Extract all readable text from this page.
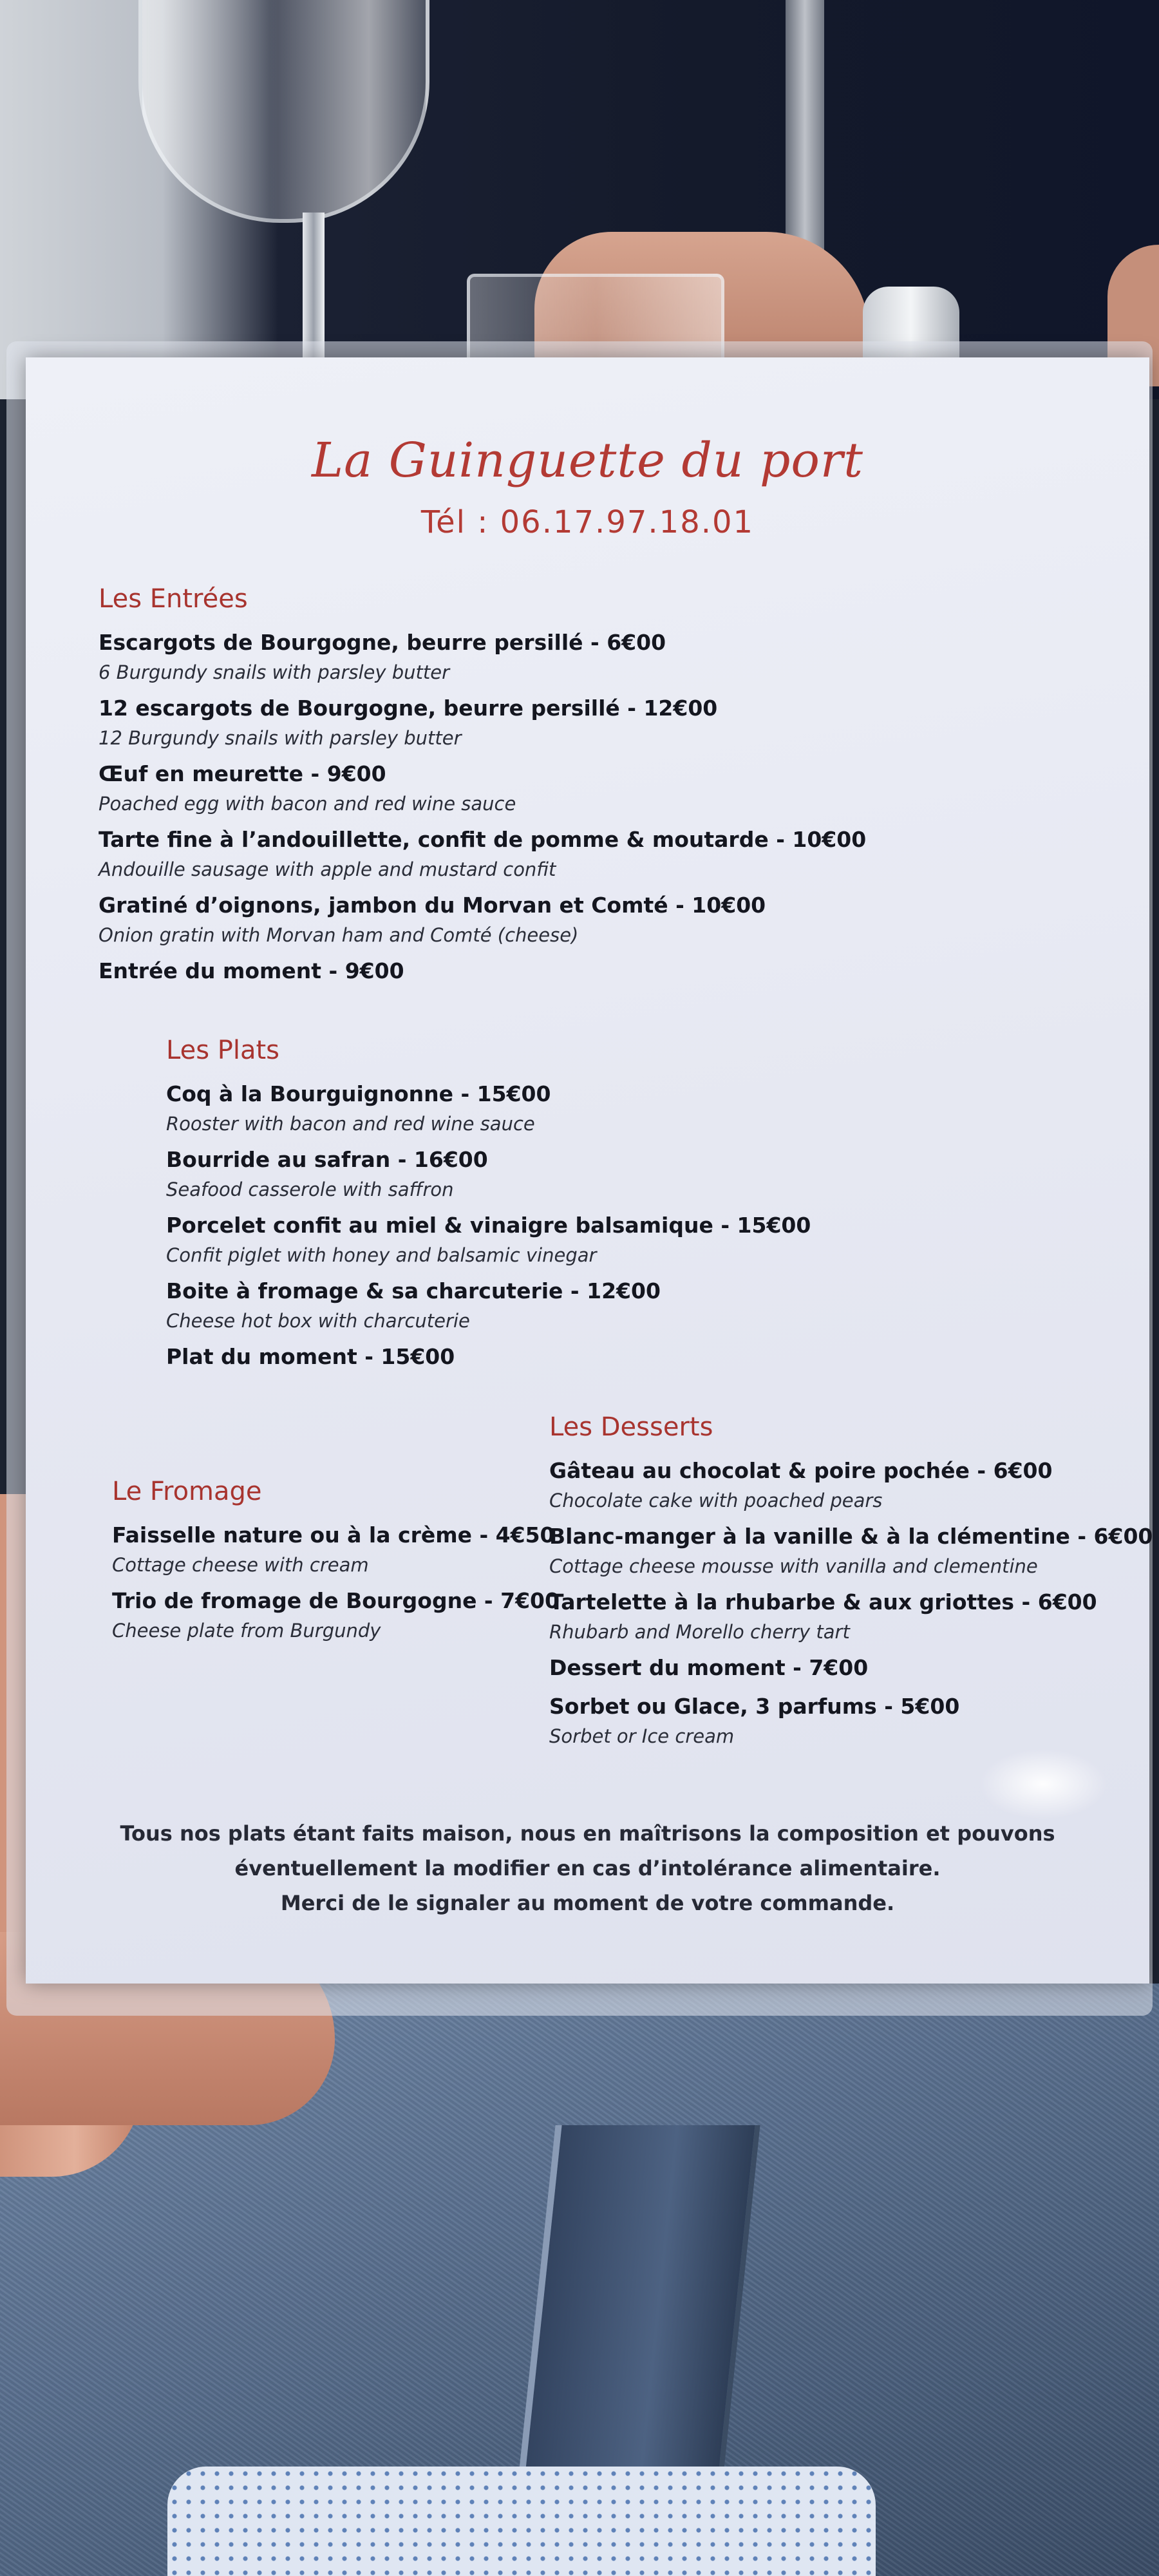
La Guinguette du port
Tél : 06.17.97.18.01
Les Entrées
Escargots de Bourgogne, beurre persillé - 6€00
6 Burgundy snails with parsley butter
12 escargots de Bourgogne, beurre persillé - 12€00
12 Burgundy snails with parsley butter
Œuf en meurette - 9€00
Poached egg with bacon and red wine sauce
Tarte fine à l’andouillette, confit de pomme & moutarde - 10€00
Andouille sausage with apple and mustard confit
Gratiné d’oignons, jambon du Morvan et Comté - 10€00
Onion gratin with Morvan ham and Comté (cheese)
Entrée du moment - 9€00
Les Plats
Coq à la Bourguignonne - 15€00
Rooster with bacon and red wine sauce
Bourride au safran - 16€00
Seafood casserole with saffron
Porcelet confit au miel & vinaigre balsamique - 15€00
Confit piglet with honey and balsamic vinegar
Boite à fromage & sa charcuterie - 12€00
Cheese hot box with charcuterie
Plat du moment - 15€00
Le Fromage
Faisselle nature ou à la crème - 4€50
Cottage cheese with cream
Trio de fromage de Bourgogne - 7€00
Cheese plate from Burgundy
Les Desserts
Gâteau au chocolat & poire pochée - 6€00
Chocolate cake with poached pears
Blanc-manger à la vanille & à la clémentine - 6€00
Cottage cheese mousse with vanilla and clementine
Tartelette à la rhubarbe & aux griottes - 6€00
Rhubarb and Morello cherry tart
Dessert du moment - 7€00
Sorbet ou Glace, 3 parfums - 5€00
Sorbet or Ice cream
Tous nos plats étant faits maison, nous en maîtrisons la composition et pouvons
éventuellement la modifier en cas d’intolérance alimentaire.
Merci de le signaler au moment de votre commande.
